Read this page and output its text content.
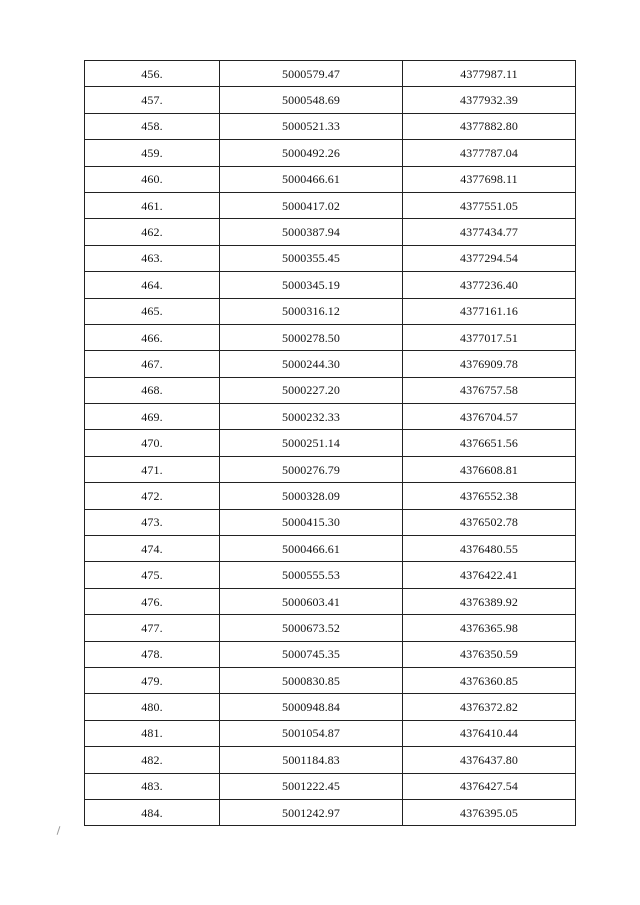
456.	5000579.47	4377987.11
457.	5000548.69	4377932.39
458.	5000521.33	4377882.80
459.	5000492.26	4377787.04
460.	5000466.61	4377698.11
461.	5000417.02	4377551.05
462.	5000387.94	4377434.77
463.	5000355.45	4377294.54
464.	5000345.19	4377236.40
465.	5000316.12	4377161.16
466.	5000278.50	4377017.51
467.	5000244.30	4376909.78
468.	5000227.20	4376757.58
469.	5000232.33	4376704.57
470.	5000251.14	4376651.56
471.	5000276.79	4376608.81
472.	5000328.09	4376552.38
473.	5000415.30	4376502.78
474.	5000466.61	4376480.55
475.	5000555.53	4376422.41
476.	5000603.41	4376389.92
477.	5000673.52	4376365.98
478.	5000745.35	4376350.59
479.	5000830.85	4376360.85
480.	5000948.84	4376372.82
481.	5001054.87	4376410.44
482.	5001184.83	4376437.80
483.	5001222.45	4376427.54
484.	5001242.97	4376395.05
